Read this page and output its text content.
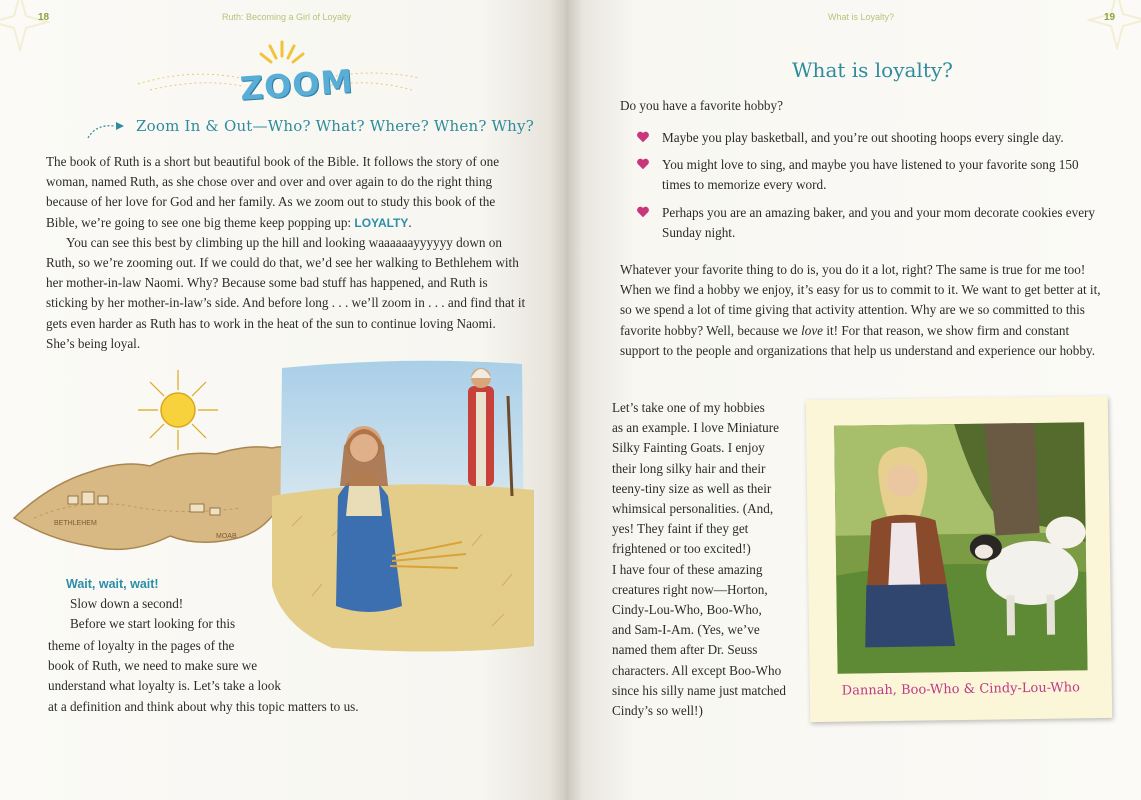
18	Ruth: Becoming a Girl of Loyalty
ZOOM
Zoom In & Out—Who? What? Where? When? Why?

The book of Ruth is a short but beautiful book of the Bible. It follows the story of one woman, named Ruth, as she chose over and over and over again to do the right thing because of her love for God and her family. As we zoom out to study this book of the Bible, we’re going to see one big theme keep popping up: LOYALTY.

You can see this best by climbing up the hill and looking waaaaaayyyyyy down on Ruth, so we’re zooming out. If we could do that, we’d see her walking to Bethlehem with her mother-in-law Naomi. Why? Because some bad stuff has happened, and Ruth is sticking by her mother-in-law’s side. And before long . . . we’ll zoom in . . . and find that it gets even harder as Ruth has to work in the heat of the sun to continue loving Naomi. She’s being loyal.

BETHLEHEM
MOAB

Wait, wait, wait!

Slow down a second!

Before we start looking for this

theme of loyalty in the pages of the

book of Ruth, we need to make sure we

understand what loyalty is. Let’s take a look

at a definition and think about why this topic matters to us.

What is Loyalty?	19
What is loyalty?
Do you have a favorite hobby?
Maybe you play basketball, and you’re out shooting hoops every single day.
You might love to sing, and maybe you have listened to your favorite song 150 times to memorize every word.
Perhaps you are an amazing baker, and you and your mom decorate cookies every Sunday night.
Whatever your favorite thing to do is, you do it a lot, right? The same is true for me too! When we find a hobby we enjoy, it’s easy for us to commit to it. We want to get better at it, so we spend a lot of time giving that activity attention. Why are we so committed to this favorite hobby? Well, because we love it! For that reason, we show firm and constant support to the people and organizations that help us understand and experience our hobby.

Let’s take one of my hobbies

as an example. I love Miniature

Silky Fainting Goats. I enjoy

their long silky hair and their

teeny-tiny size as well as their

whimsical personalities. (And,

yes! They faint if they get

frightened or too excited!)

I have four of these amazing

creatures right now—Horton,

Cindy-Lou-Who, Boo-Who,

and Sam-I-Am. (Yes, we’ve

named them after Dr. Seuss

characters. All except Boo-Who

since his silly name just matched

Cindy’s so well!)

Dannah, Boo-Who & Cindy-Lou-Who
